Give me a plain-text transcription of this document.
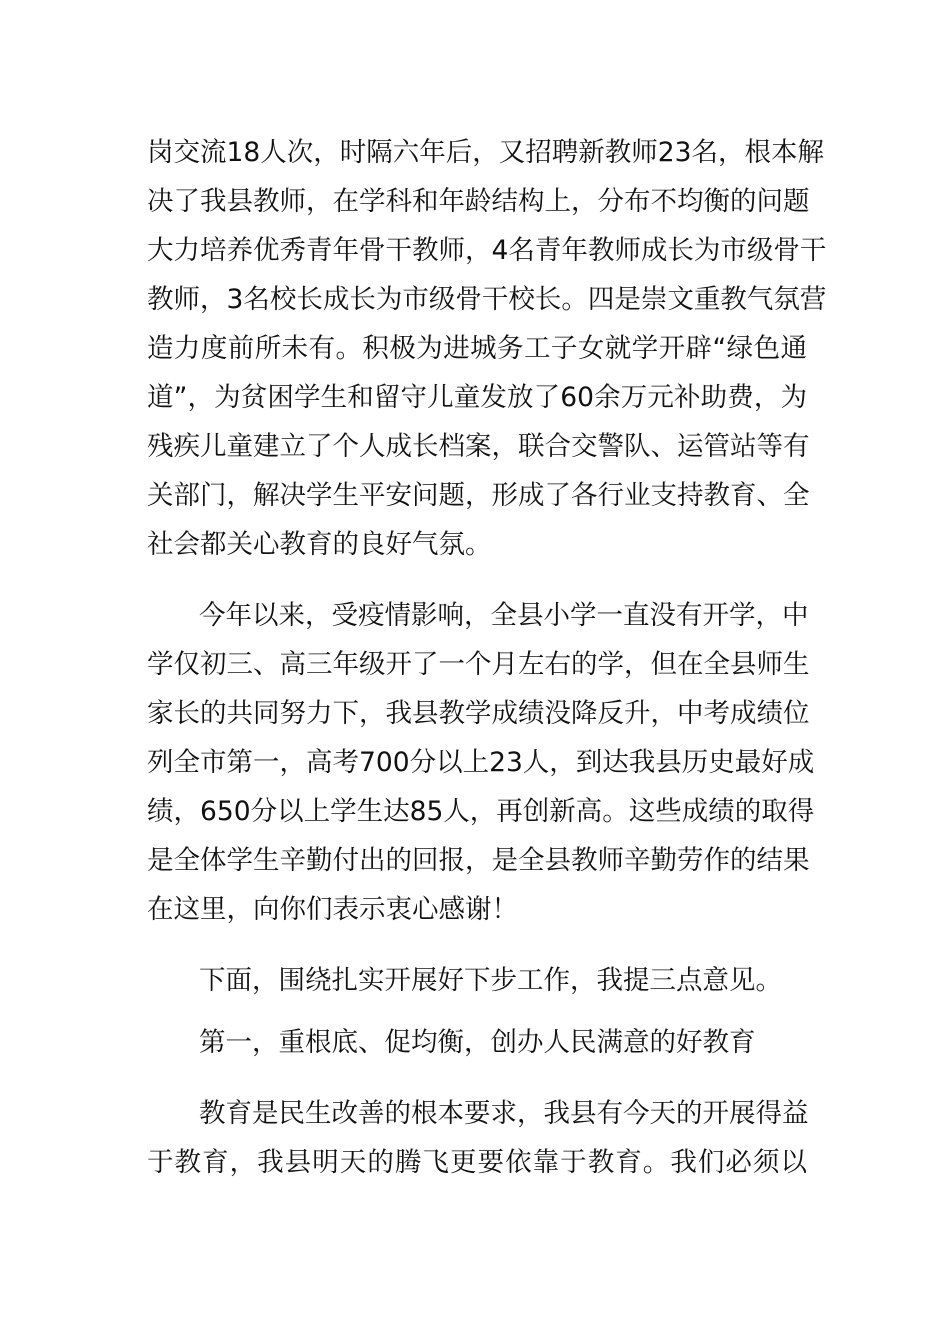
岗交流18人次，时隔六年后，又招聘新教师23名，根本解
决了我县教师，在学科和年龄结构上，分布不均衡的问题
大力培养优秀青年骨干教师，4名青年教师成长为市级骨干
教师，3名校长成长为市级骨干校长。四是崇文重教气氛营
造力度前所未有。积极为进城务工子女就学开辟“绿色通
道”，为贫困学生和留守儿童发放了60余万元补助费，为
残疾儿童建立了个人成长档案，联合交警队、运管站等有
关部门，解决学生平安问题，形成了各行业支持教育、全
社会都关心教育的良好气氛。
今年以来，受疫情影响，全县小学一直没有开学，中
学仅初三、高三年级开了一个月左右的学，但在全县师生
家长的共同努力下，我县教学成绩没降反升，中考成绩位
列全市第一，高考700分以上23人，到达我县历史最好成
绩，650分以上学生达85人，再创新高。这些成绩的取得
是全体学生辛勤付出的回报，是全县教师辛勤劳作的结果
在这里，向你们表示衷心感谢！
下面，围绕扎实开展好下步工作，我提三点意见。
第一，重根底、促均衡，创办人民满意的好教育
教育是民生改善的根本要求，我县有今天的开展得益
于教育，我县明天的腾飞更要依靠于教育。我们必须以
